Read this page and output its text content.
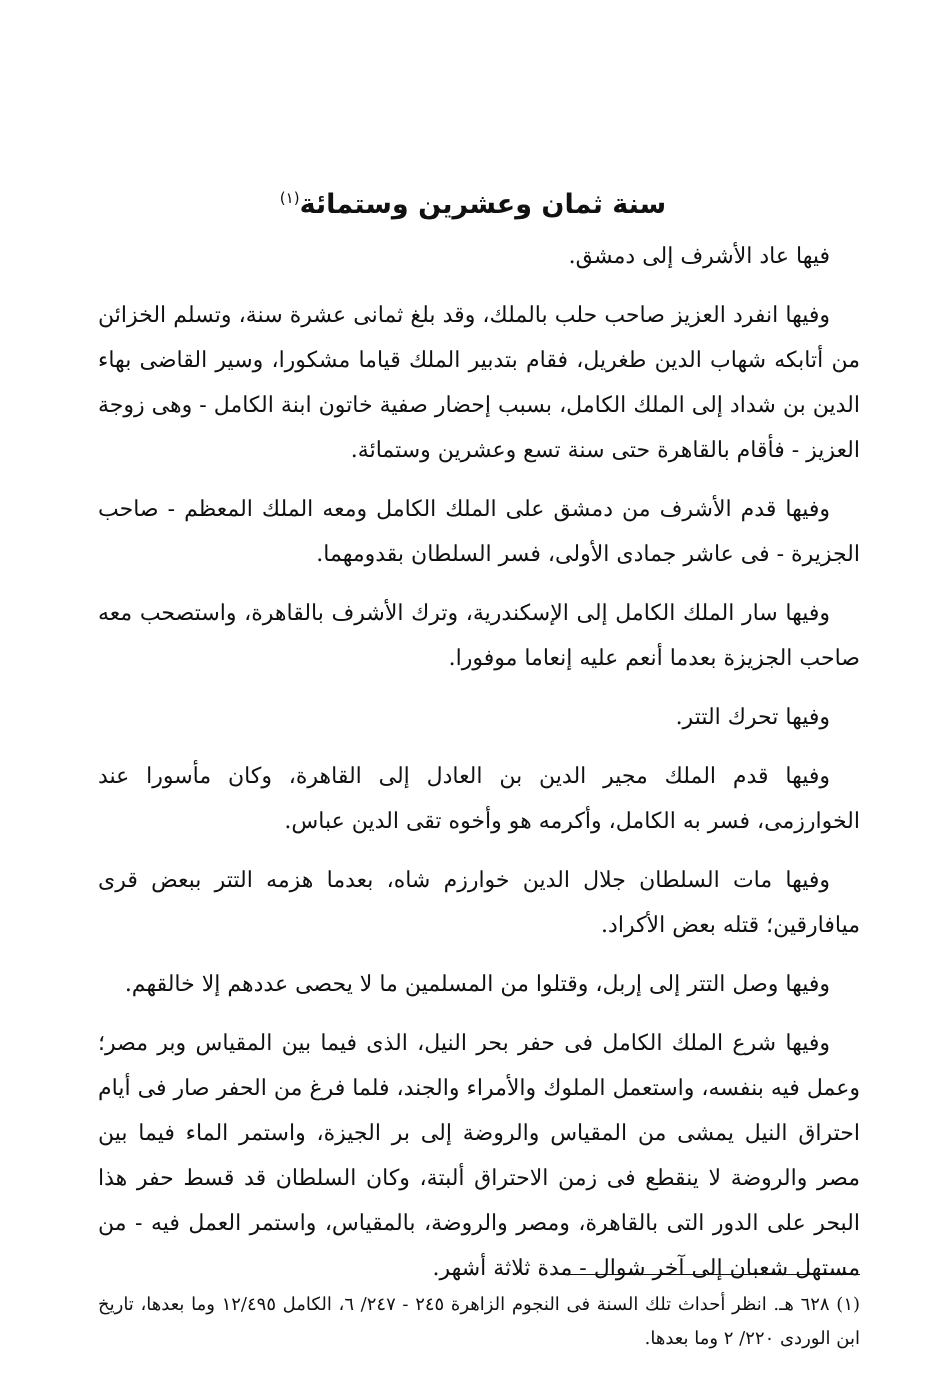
سنة ثمان وعشرين وستمائة$^{(١)}$

فيها عاد الأشرف إلى دمشق.

وفيها انفرد العزيز صاحب حلب بالملك، وقد بلغ ثمانى عشرة سنة، وتسلم الخزائن من أتابكه شهاب الدين طغريل، فقام بتدبير الملك قياما مشكورا، وسير القاضى بهاء الدين بن شداد إلى الملك الكامل، بسبب إحضار صفية خاتون ابنة الكامل - وهى زوجة العزيز - فأقام بالقاهرة حتى سنة تسع وعشرين وستمائة.

وفيها قدم الأشرف من دمشق على الملك الكامل ومعه الملك المعظم - صاحب الجزيرة - فى عاشر جمادى الأولى، فسر السلطان بقدومهما.

وفيها سار الملك الكامل إلى الإسكندرية، وترك الأشرف بالقاهرة، واستصحب معه صاحب الجزيزة بعدما أنعم عليه إنعاما موفورا.

وفيها تحرك التتر.

وفيها قدم الملك مجير الدين بن العادل إلى القاهرة، وكان مأسورا عند الخوارزمى، فسر به الكامل، وأكرمه هو وأخوه تقى الدين عباس.

وفيها مات السلطان جلال الدين خوارزم شاه، بعدما هزمه التتر ببعض قرى ميافارقين؛ قتله بعض الأكراد.

وفيها وصل التتر إلى إربل، وقتلوا من المسلمين ما لا يحصى عددهم إلا خالقهم.

وفيها شرع الملك الكامل فى حفر بحر النيل، الذى فيما بين المقياس وبر مصر؛ وعمل فيه بنفسه، واستعمل الملوك والأمراء والجند، فلما فرغ من الحفر صار فى أيام احتراق النيل يمشى من المقياس والروضة إلى بر الجيزة، واستمر الماء فيما بين مصر والروضة لا ينقطع فى زمن الاحتراق ألبتة، وكان السلطان قد قسط حفر هذا البحر على الدور التى بالقاهرة، ومصر والروضة، بالمقياس، واستمر العمل فيه - من مستهل شعبان إلى آخر شوال - مدة ثلاثة أشهر.

(١) ٦٢٨ هـ. انظر أحداث تلك السنة فى النجوم الزاهرة ٢٤٥ - ٢٤٧/ ٦، الكامل ١٢/٤٩٥ وما بعدها، تاريخ ابن الوردى ٢٢٠/ ٢ وما بعدها.
